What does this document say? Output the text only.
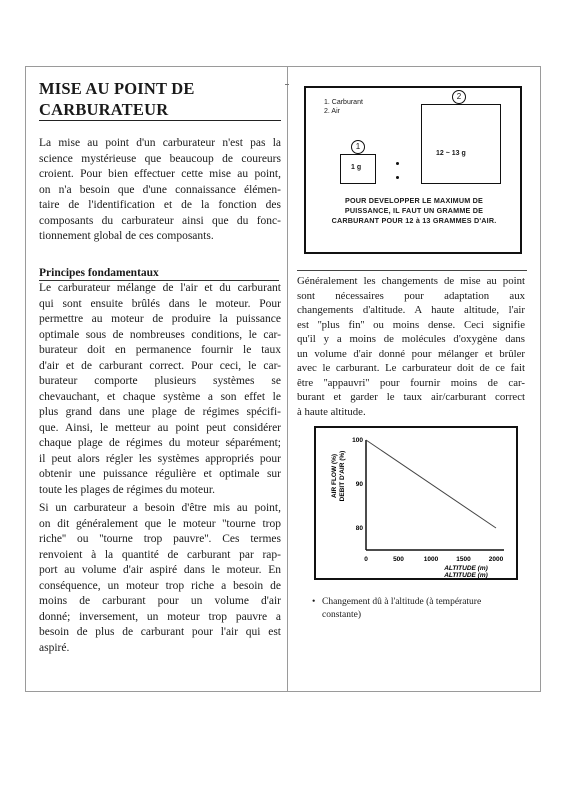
MISE AU POINT DE
CARBURATEUR
La mise au point d'un carburateur n'est pas la
science mystérieuse que beaucoup de coureurs
croient. Pour bien effectuer cette mise au point,
on n'a besoin que d'une connaissance élémen-
taire de l'identification et de la fonction des
composants du carburateur ainsi que du fonc-
tionnement global de ces composants.
Principes fondamentaux
Le carburateur mélange de l'air et du carburant
qui sont ensuite brûlés dans le moteur. Pour
permettre au moteur de produire la puissance
optimale sous de nombreuses conditions, le car-
burateur doit en permanence fournir le taux
d'air et de carburant correct. Pour ceci, le car-
burateur comporte plusieurs systèmes se
chevauchant, et chaque système a son effet le
plus grand dans une plage de régimes spécifi-
que. Ainsi, le metteur au point peut considérer
chaque plage de régimes du moteur séparément;
il peut alors régler les systèmes appropriés pour
obtenir une puissance régulière et optimale sur
toute les plages de régimes du moteur.
Si un carburateur a besoin d'être mis au point,
on dit généralement que le moteur ''tourne trop
riche'' ou ''tourne trop pauvre''. Ces termes
renvoient à la quantité de carburant par rap-
port au volume d'air aspiré dans le moteur. En
conséquence, un moteur trop riche a besoin de
moins de carburant pour un volume d'air
donné; inversement, un moteur trop pauvre a
besoin de plus de carburant pour l'air qui est
aspiré.
1. Carburant
2. Air
2
12 ~ 13 g
1
1 g
POUR DEVELOPPER LE MAXIMUM DE
PUISSANCE, IL FAUT UN GRAMME DE
CARBURANT POUR 12 à 13 GRAMMES D'AIR.
Généralement les changements de mise au point
sont nécessaires pour adaptation aux
changements d'altitude. A haute altitude, l'air
est ''plus fin'' ou moins dense. Ceci signifie
qu'il y a moins de molécules d'oxygène dans
un volume d'air donné pour mélanger et brûler
avec le carburant. Le carburateur doit de ce fait
être ''appauvri'' pour fournir moins de car-
burant et garder le taux air/carburant correct
à haute altitude.
0	500	1000	1500	2000
100
90
80
ALTITUDE (m)
ALTITUDE (m)
AIR FLOW (%) DEBIT D'AIR (%)
• Changement dû à l'altitude (à température constante)
